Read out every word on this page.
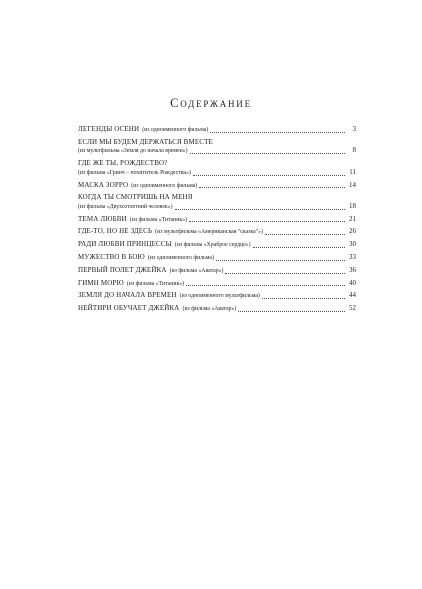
Содержание
ЛЕГЕНДЫ ОСЕНИ (из одноименного фильма)	3
ЕСЛИ МЫ БУДЕМ ДЕРЖАТЬСЯ ВМЕСТЕ
(из мультфильма «Земля до начала времен»)	8
ГДЕ ЖЕ ТЫ, РОЖДЕСТВО?
(из фильма «Гринч – похититель Рождества»)	11
МАСКА ЗОРРО (из одноименного фильма)	14
КОГДА ТЫ СМОТРИШЬ НА МЕНЯ
(из фильма «Двухсотлетний человек»)	18
ТЕМА ЛЮБВИ (из фильма «Титаник»)	21
ГДЕ-ТО, НО НЕ ЗДЕСЬ (из мультфильма «Американская "сказка"»)	26
РАДИ ЛЮБВИ ПРИНЦЕССЫ (из фильма «Храброе сердце»)	30
МУЖЕСТВО В БОЮ (из одноименного фильма)	33
ПЕРВЫЙ ПОЛЕТ ДЖЕЙКА (из фильма «Аватар»)	36
ГИМН МОРЮ (из фильма «Титаник»)	40
ЗЕМЛЯ ДО НАЧАЛА ВРЕМЕН (из одноименного мультфильма)	44
НЕЙТИРИ ОБУЧАЕТ ДЖЕЙКА (из фильма «Аватар»)	52
